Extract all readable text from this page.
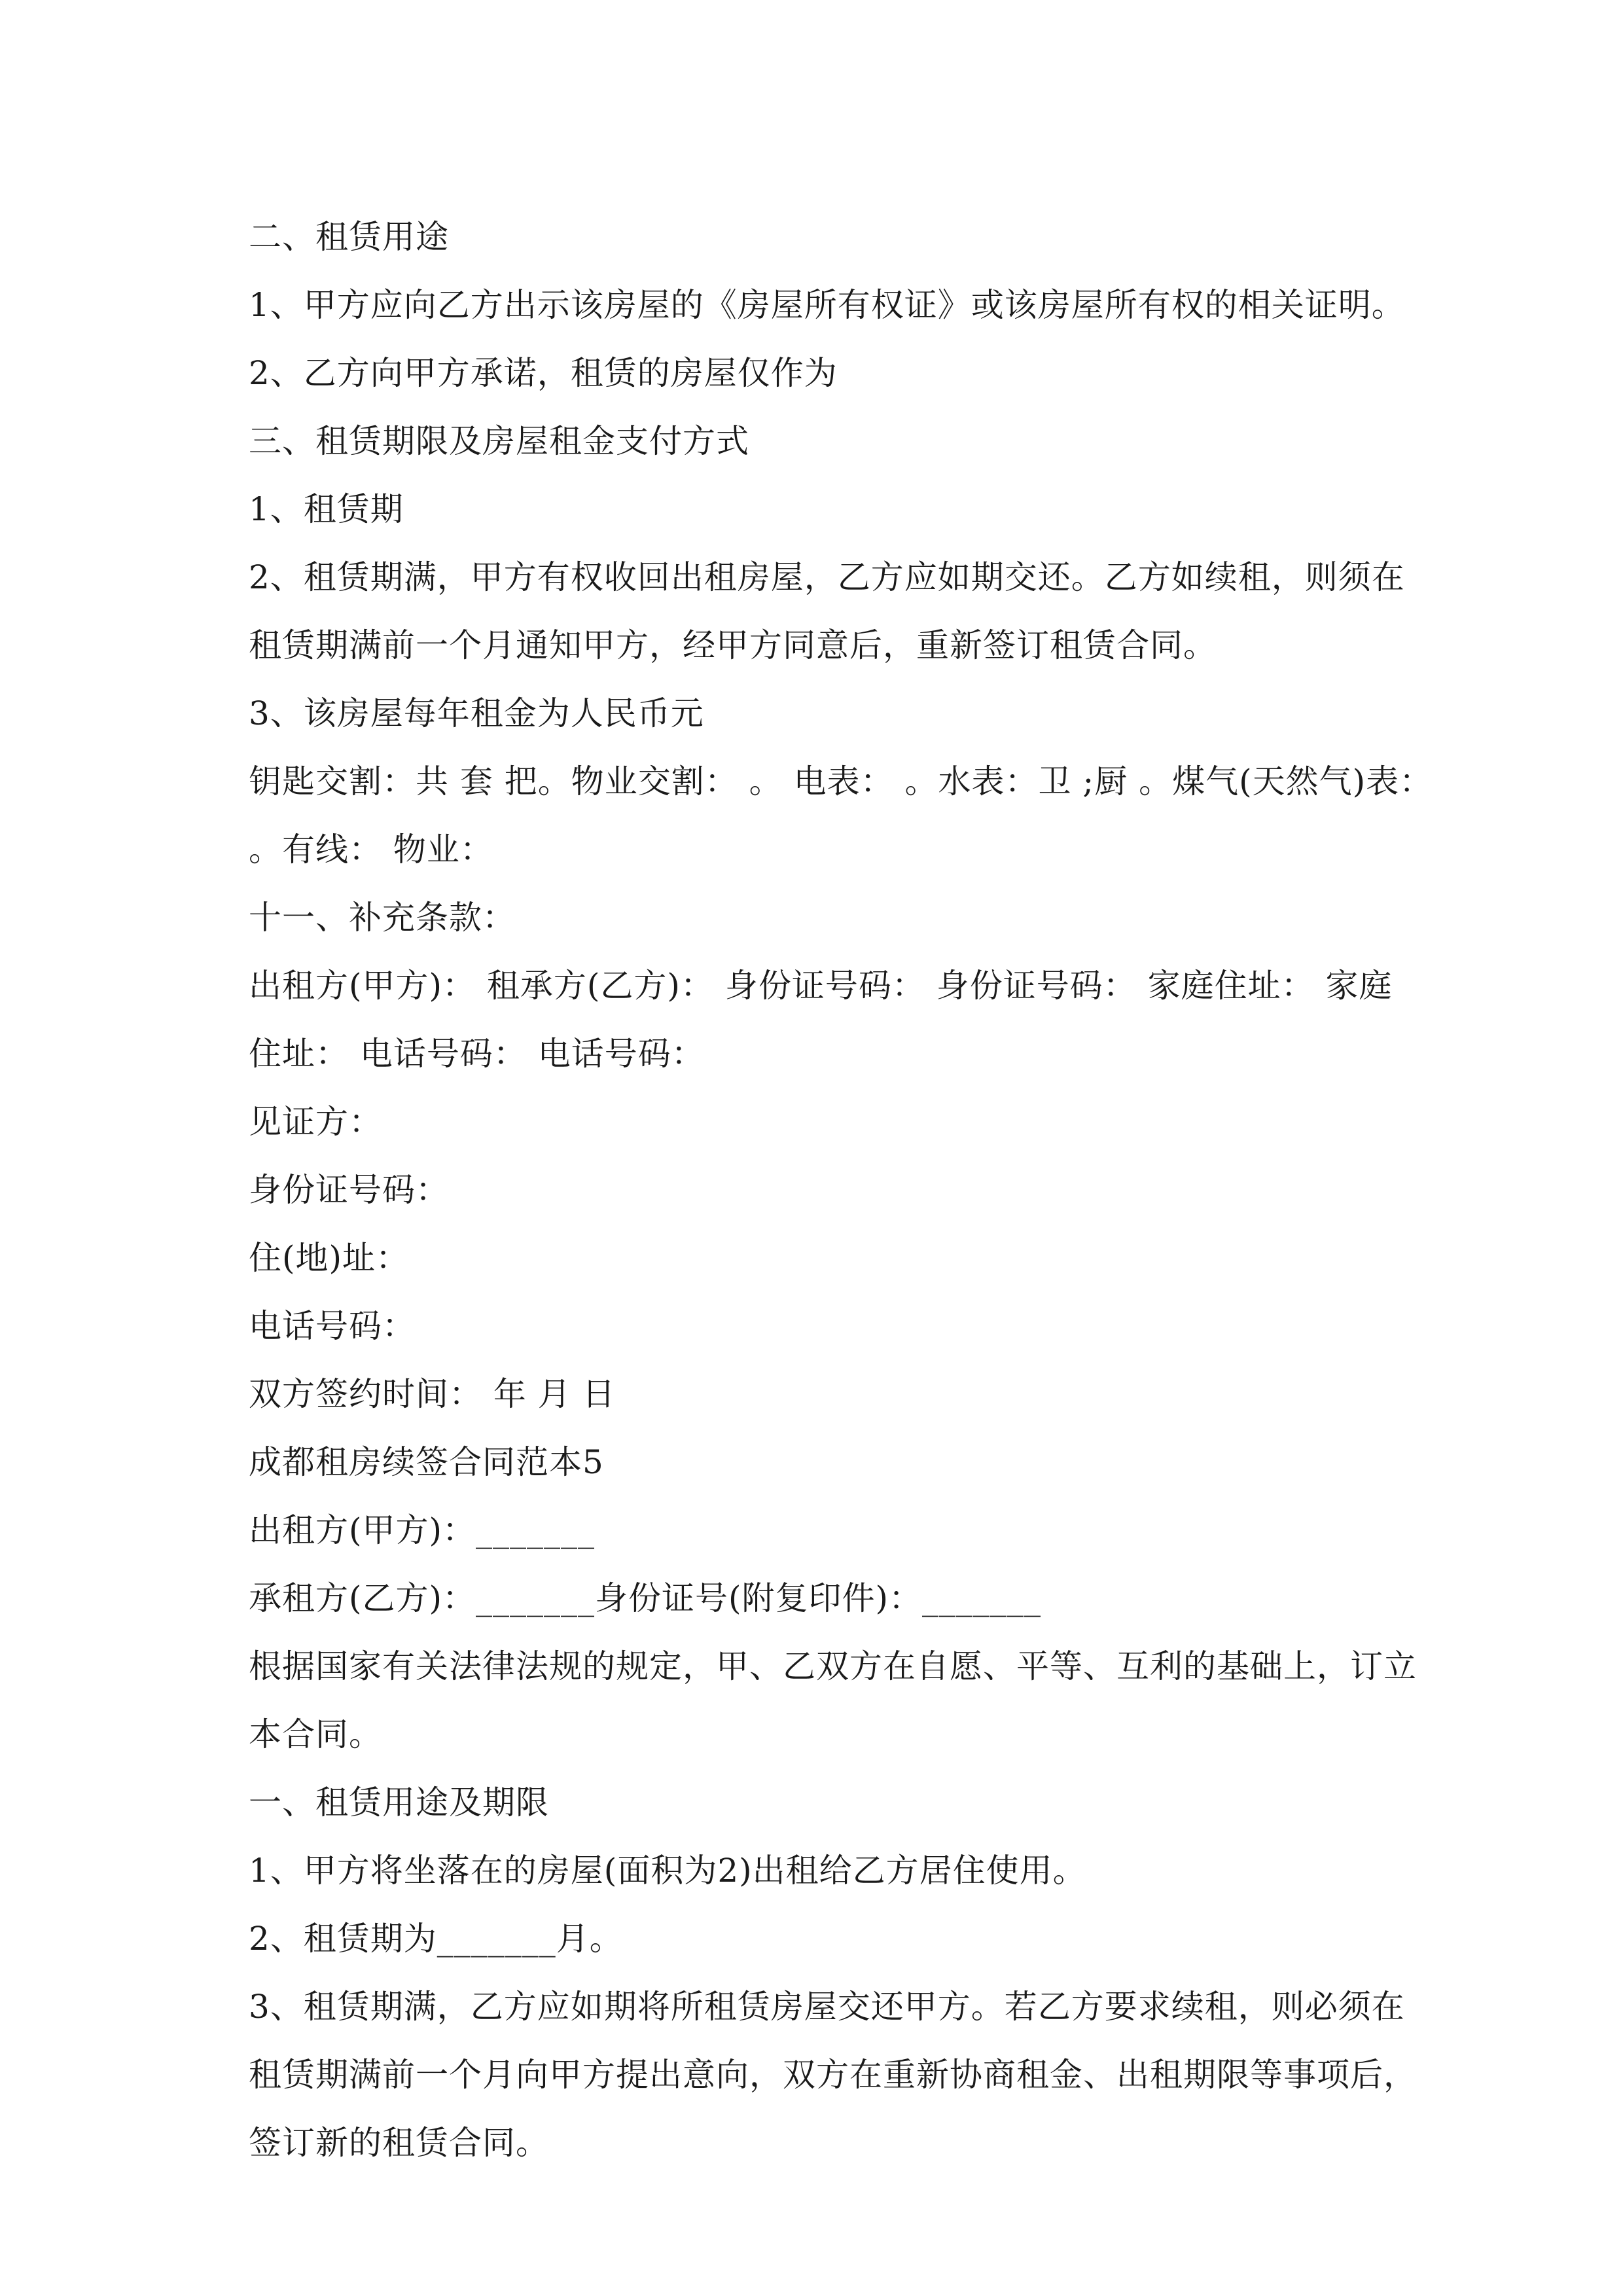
二、租赁用途
1、甲方应向乙方出示该房屋的《房屋所有权证》或该房屋所有权的相关证明。
2、乙方向甲方承诺，租赁的房屋仅作为
三、租赁期限及房屋租金支付方式
1、租赁期
2、租赁期满，甲方有权收回出租房屋，乙方应如期交还。乙方如续租，则须在
租赁期满前一个月通知甲方，经甲方同意后，重新签订租赁合同。
3、该房屋每年租金为人民币元
钥匙交割：共 套 把。物业交割： 。 电表： 。水表：卫 ;厨 。煤气(天然气)表：
。有线： 物业：
十一、补充条款：
出租方(甲方)： 租承方(乙方)： 身份证号码： 身份证号码： 家庭住址： 家庭
住址： 电话号码： 电话号码：
见证方：
身份证号码：
住(地)址：
电话号码：
双方签约时间： 年 月 日
成都租房续签合同范本5
出租方(甲方)：_______
承租方(乙方)：_______身份证号(附复印件)：_______
根据国家有关法律法规的规定，甲、乙双方在自愿、平等、互利的基础上，订立
本合同。
一、租赁用途及期限
1、甲方将坐落在的房屋(面积为2)出租给乙方居住使用。
2、租赁期为_______月。
3、租赁期满，乙方应如期将所租赁房屋交还甲方。若乙方要求续租，则必须在
租赁期满前一个月向甲方提出意向，双方在重新协商租金、出租期限等事项后，
签订新的租赁合同。
